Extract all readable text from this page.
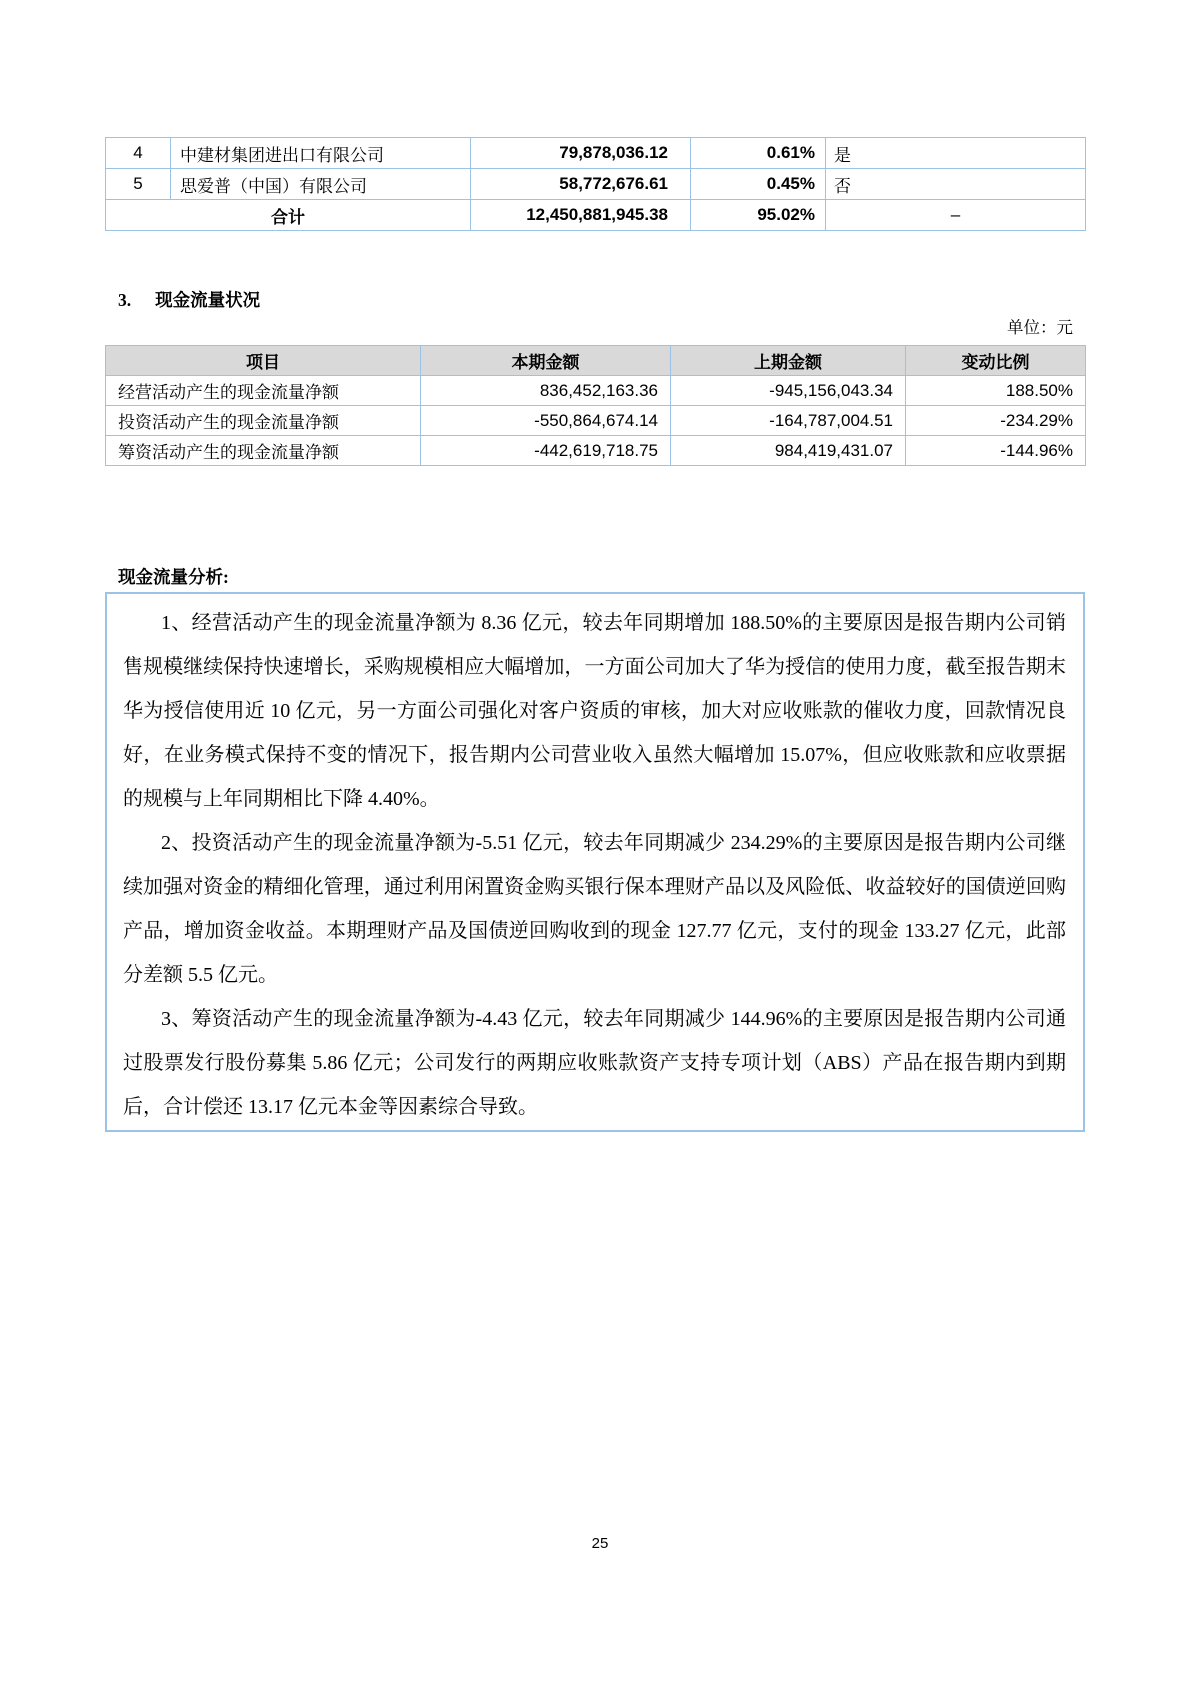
4	中建材集团进出口有限公司	79,878,036.12	0.61%	是
5	思爱普（中国）有限公司	58,772,676.61	0.45%	否
合计		12,450,881,945.38	95.02%	–
3. 现金流量状况
单位：元
项目	本期金额	上期金额	变动比例
经营活动产生的现金流量净额	836,452,163.36	-945,156,043.34	188.50%
投资活动产生的现金流量净额	-550,864,674.14	-164,787,004.51	-234.29%
筹资活动产生的现金流量净额	-442,619,718.75	984,419,431.07	-144.96%
现金流量分析:

1、经营活动产生的现金流量净额为 8.36 亿元，较去年同期增加 188.50%的主要原因是报告期内公司销售规模继续保持快速增长，采购规模相应大幅增加，一方面公司加大了华为授信的使用力度，截至报告期末华为授信使用近 10 亿元，另一方面公司强化对客户资质的审核，加大对应收账款的催收力度，回款情况良好，在业务模式保持不变的情况下，报告期内公司营业收入虽然大幅增加 15.07%，但应收账款和应收票据的规模与上年同期相比下降 4.40%。

2、投资活动产生的现金流量净额为-5.51 亿元，较去年同期减少 234.29%的主要原因是报告期内公司继续加强对资金的精细化管理，通过利用闲置资金购买银行保本理财产品以及风险低、收益较好的国债逆回购产品，增加资金收益。本期理财产品及国债逆回购收到的现金 127.77 亿元，支付的现金 133.27 亿元，此部分差额 5.5 亿元。

3、筹资活动产生的现金流量净额为-4.43 亿元，较去年同期减少 144.96%的主要原因是报告期内公司通过股票发行股份募集 5.86 亿元；公司发行的两期应收账款资产支持专项计划（ABS）产品在报告期内到期后，合计偿还 13.17 亿元本金等因素综合导致。

25
